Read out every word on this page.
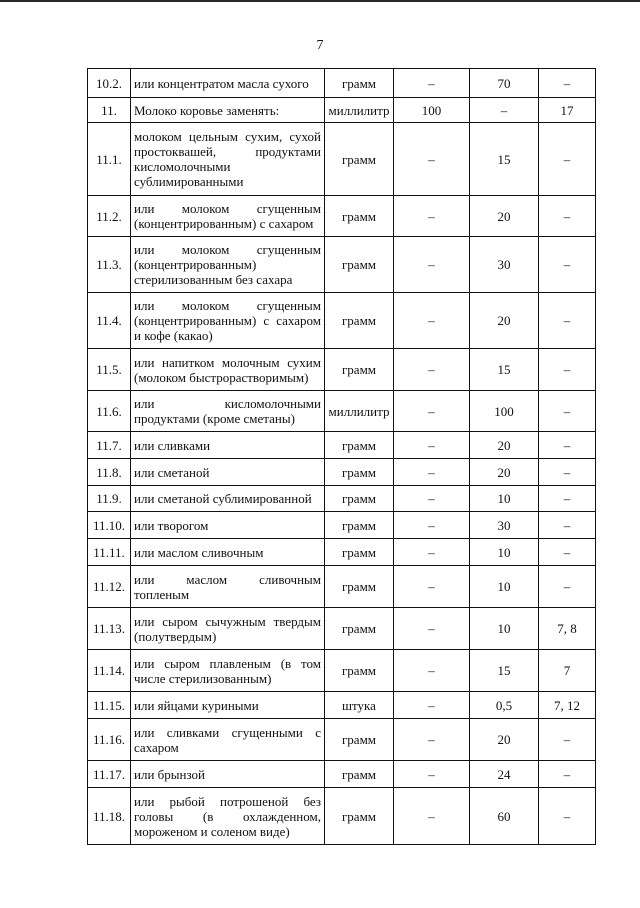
7
10.2.	или концентратом масла сухого	грамм	–	70	–
11.	Молоко коровье заменять:	миллилитр	100	–	17
11.1.	молоком цельным сухим, сухой простоквашей, продуктами кисломолочными сублимированными	грамм	–	15	–
11.2.	или молоком сгущенным (концентрированным) с сахаром	грамм	–	20	–
11.3.	или молоком сгущенным (концентрированным) стерилизованным без сахара	грамм	–	30	–
11.4.	или молоком сгущенным (концентрированным) с сахаром и кофе (какао)	грамм	–	20	–
11.5.	или напитком молочным сухим (молоком быстрорастворимым)	грамм	–	15	–
11.6.	или кисломолочными продуктами (кроме сметаны)	миллилитр	–	100	–
11.7.	или сливками	грамм	–	20	–
11.8.	или сметаной	грамм	–	20	–
11.9.	или сметаной сублимированной	грамм	–	10	–
11.10.	или творогом	грамм	–	30	–
11.11.	или маслом сливочным	грамм	–	10	–
11.12.	или маслом сливочным топленым	грамм	–	10	–
11.13.	или сыром сычужным твердым (полутвердым)	грамм	–	10	7, 8
11.14.	или сыром плавленым (в том числе стерилизованным)	грамм	–	15	7
11.15.	или яйцами куриными	штука	–	0,5	7, 12
11.16.	или сливками сгущенными с сахаром	грамм	–	20	–
11.17.	или брынзой	грамм	–	24	–
11.18.	или рыбой потрошеной без головы (в охлажденном, мороженом и соленом виде)	грамм	–	60	–
